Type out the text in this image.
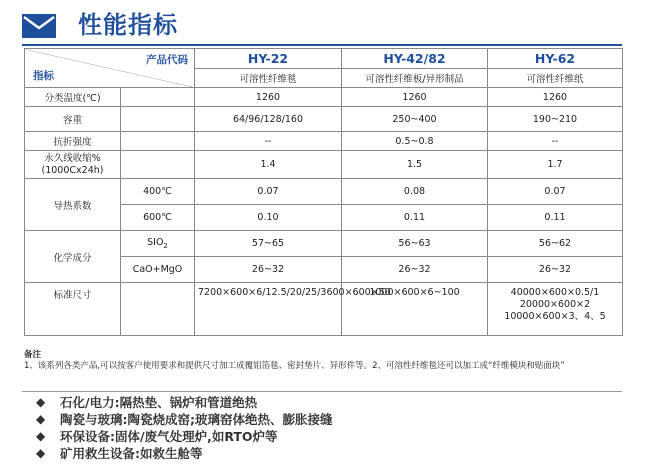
性能指标
产品代码
指标		HY-22	HY-42/82	HY-62
		可溶性纤维毯	可溶性纤维板/异形制品	可溶性纤维纸
分类温度(℃)		1260	1260	1260
容重		64/96/128/160	250~400	190~210
抗折强度		--	0.5~0.8	--
永久线收缩%(1000Cx24h)		1.4	1.5	1.7
导热系数	400℃	0.07	0.08	0.07
	600℃	0.10	0.11	0.11
化学成分	$SIO_2$	57~65	56~63	56~62
	CaO+MgO	26~32	26~32	26~32
标准尺寸		7200×600×6/12.5/20/25/3600×600×50	1000×600×6~100	40000×600×0.5/1 20000×600×2 10000×600×3、4、5
备注
1、该系列各类产品,可以按客户使用要求和提供尺寸加工成覆铝箔毯、密封垫片、异形件等。2、可溶性纤维毯还可以加工成“纤维模块和贴面块”
◆ 石化/电力:隔热垫、锅炉和管道绝热
◆ 陶瓷与玻璃:陶瓷烧成窑;玻璃窑体绝热、膨胀接缝
◆ 环保设备:固体/废气处理炉,如RTO炉等
◆ 矿用救生设备:如救生舱等
